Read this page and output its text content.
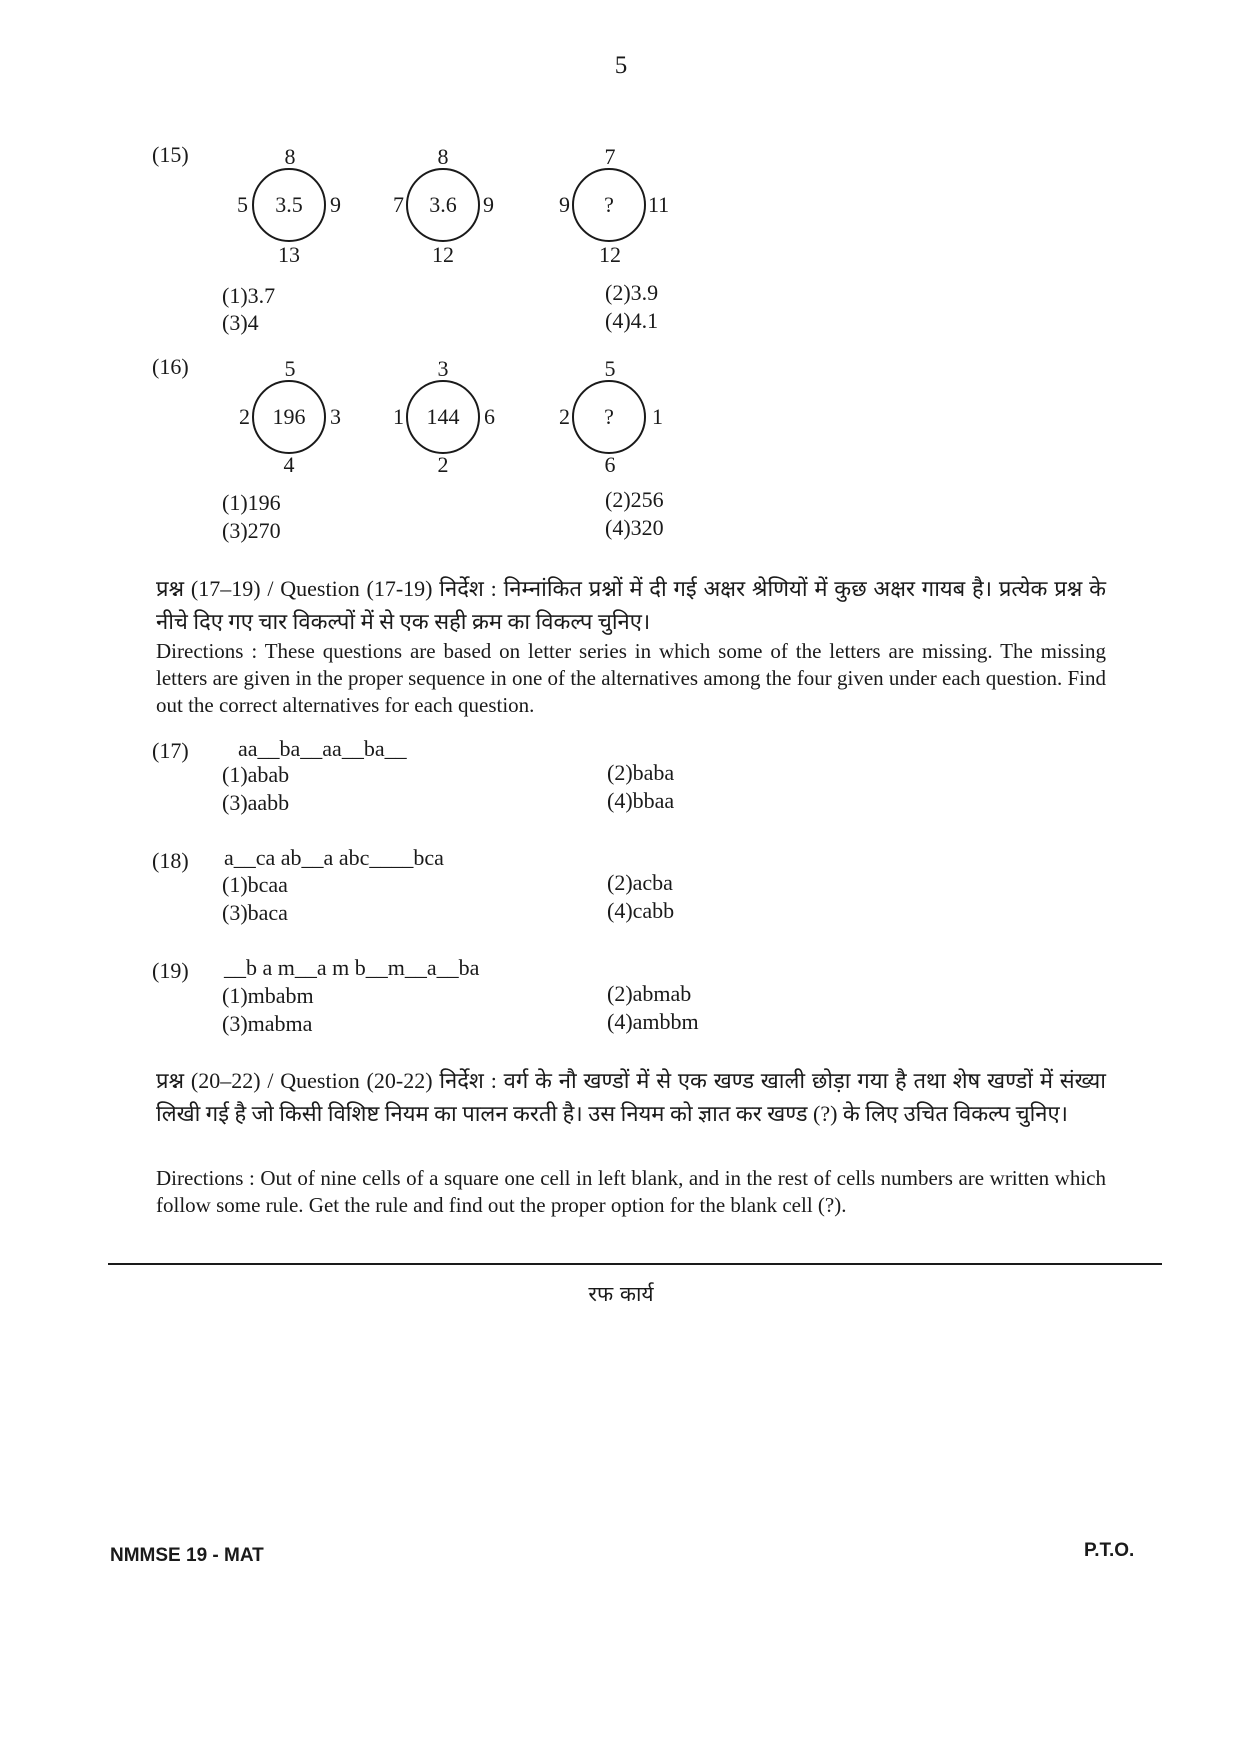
5
(15)	8
5 3.5 9
13
8
7 3.6 9
12
7
9 ? 11
12
(1)3.7	(2)3.9
(3)4	(4)4.1
(16)	5
2 196 3
4
3
1 144 6
2
5
2 ? 1
6
(1)196	(2)256
(3)270	(4)320
प्रश्न (17–19) / Question (17-19) निर्देश : निम्नांकित प्रश्नों में दी गई अक्षर श्रेणियों में कुछ अक्षर गायब है। प्रत्येक प्रश्न के नीचे दिए गए चार विकल्पों में से एक सही क्रम का विकल्प चुनिए।
Directions : These questions are based on letter series in which some of the letters are missing. The missing letters are given in the proper sequence in one of the alternatives among the four given under each question. Find out the correct alternatives for each question.
(17) aa__ba__aa__ba__
(1)abab	(2)baba
(3)aabb	(4)bbaa
(18) a__ca ab__a abc____bca
(1)bcaa	(2)acba
(3)baca	(4)cabb
(19) __b a m__a m b__m__a__ba
(1)mbabm	(2)abmab
(3)mabma	(4)ambbm
प्रश्न (20–22) / Question (20-22) निर्देश : वर्ग के नौ खण्डों में से एक खण्ड खाली छोड़ा गया है तथा शेष खण्डों में संख्या लिखी गई है जो किसी विशिष्ट नियम का पालन करती है। उस नियम को ज्ञात कर खण्ड (?) के लिए उचित विकल्प चुनिए।
Directions : Out of nine cells of a square one cell in left blank, and in the rest of cells numbers are written which follow some rule. Get the rule and find out the proper option for the blank cell (?).
रफ कार्य
NMMSE 19 - MAT	P.T.O.
